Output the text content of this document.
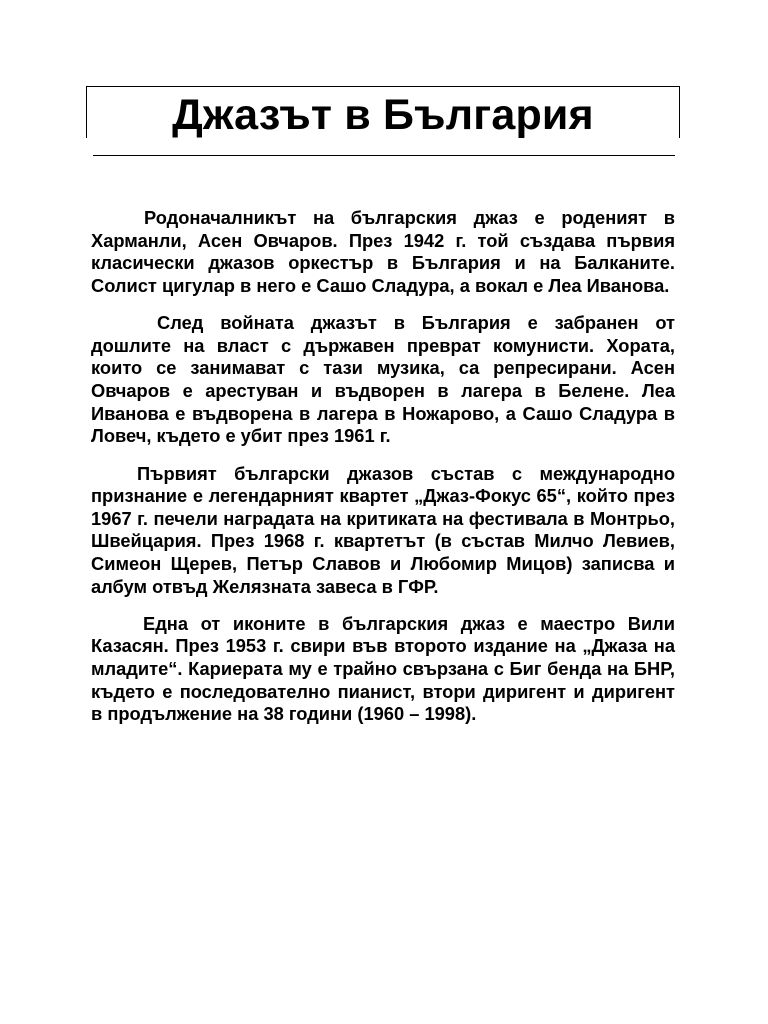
Джазът в България

Родоначалникът на българския джаз е роденият в Харманли, Асен Овчаров. През 1942 г. той създава първия класически джазов оркестър в България и на Балканите. Солист цигулар в него е Сашо Сладура, а вокал е Леа Иванова.

След войната джазът в България е забранен от дошлите на власт с държавен преврат комунисти. Хората, които се занимават с тази музика, са репресирани. Асен Овчаров е арестуван и въдворен в лагера в Белене. Леа Иванова е въдворена в лагера в Ножарово, а Сашо Сладура в Ловеч, където е убит през 1961 г.

Първият български джазов състав с международно признание е легендарният квартет „Джаз-Фокус 65“, който през 1967 г. печели наградата на критиката на фестивала в Монтрьо, Швейцария. През 1968 г. квартетът (в състав Милчо Левиев, Симеон Щерев, Петър Славов и Любомир Мицов) записва и албум отвъд Желязната завеса в ГФР.

Една от иконите в българския джаз е маестро Вили Казасян. През 1953 г. свири във второто издание на „Джаза на младите“. Кариерата му е трайно свързана с Биг бенда на БНР, където е последователно пианист, втори диригент и диригент в продължение на 38 години (1960 – 1998).
